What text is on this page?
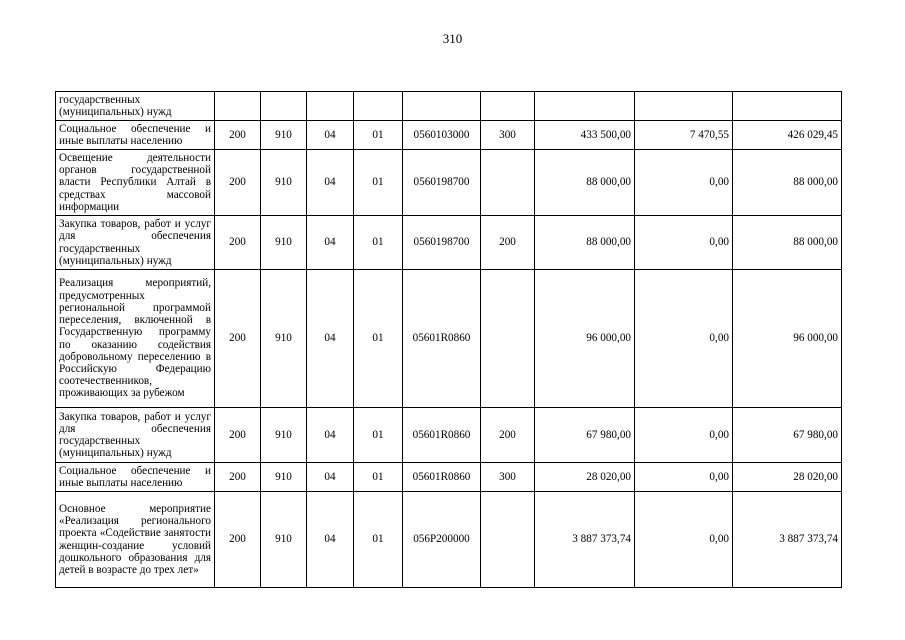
310
государственных (муниципальных) нужд									
Социальное обеспечение и иные выплаты населению	200	910	04	01	0560103000	300	433 500,00	7 470,55	426 029,45
Освещение деятельности органов государственной власти Республики Алтай в средствах массовой информации	200	910	04	01	0560198700		88 000,00	0,00	88 000,00
Закупка товаров, работ и услуг для обеспечения государственных (муниципальных) нужд	200	910	04	01	0560198700	200	88 000,00	0,00	88 000,00
Реализация мероприятий, предусмотренных региональной программой переселения, включенной в Государственную программу по оказанию содействия добровольному переселению в Российскую Федерацию соотечественников, проживающих за рубежом	200	910	04	01	05601R0860		96 000,00	0,00	96 000,00
Закупка товаров, работ и услуг для обеспечения государственных (муниципальных) нужд	200	910	04	01	05601R0860	200	67 980,00	0,00	67 980,00
Социальное обеспечение и иные выплаты населению	200	910	04	01	05601R0860	300	28 020,00	0,00	28 020,00
Основное мероприятие «Реализация регионального проекта «Содействие занятости женщин-создание условий дошкольного образования для детей в возрасте до трех лет»	200	910	04	01	056P200000		3 887 373,74	0,00	3 887 373,74
